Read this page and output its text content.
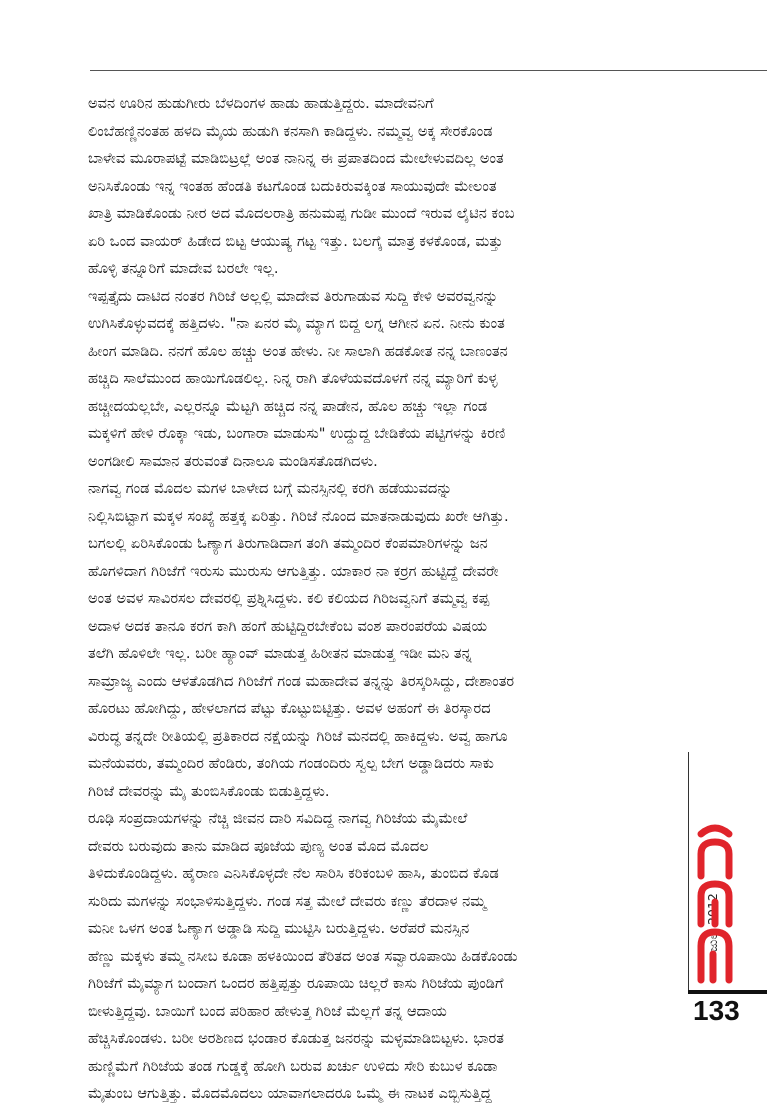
ಅವನ ಊರಿನ ಹುಡುಗೀರು ಬೆಳದಿಂಗಳ ಹಾಡು ಹಾಡುತ್ತಿದ್ದರು. ಮಾದೇವನಿಗೆ
ಲಿಂಬೆಹಣ್ಣಿನಂತಹ ಹಳದಿ ಮೈಯ ಹುಡುಗಿ ಕನಸಾಗಿ ಕಾಡಿದ್ದಳು. ನಮ್ಮವ್ವ ಅಕ್ಕ ಸೇರಕೊಂಡ
ಬಾಳೇವ ಮೂರಾಪಟ್ಟೆ ಮಾಡಿಬಿಟ್ರಲ್ಲೆ ಅಂತ ನಾನಿನ್ನ ಈ ಪ್ರಪಾತದಿಂದ ಮೇಲೇಳುವದಿಲ್ಲ ಅಂತ
ಅನಿಸಿಕೊಂಡು ಇನ್ನ ಇಂತಹ ಹೆಂಡತಿ ಕಟಗೊಂಡ ಬದುಕಿರುವಕ್ಕಿಂತ ಸಾಯುವುದೇ ಮೇಲಂತ
ಖಾತ್ರಿ ಮಾಡಿಕೊಂಡು ನೀರ ಅದ ಮೊದಲರಾತ್ರಿ ಹನುಮಪ್ಪ ಗುಡೀ ಮುಂದೆ ಇರುವ ಲೈಟಿನ ಕಂಬ
ಏರಿ ಒಂದ ವಾಯರ್ ಹಿಡೇದ ಬಿಟ್ಟ ಆಯುಷ್ಯ ಗಟ್ಟ ಇತ್ತು. ಬಲಗೈ ಮಾತ್ರ ಕಳಕೊಂಡ, ಮತ್ತು
ಹೊಳ್ಳಿ ತನ್ನೂರಿಗೆ ಮಾದೇವ ಬರಲೇ ಇಲ್ಲ.
ಇಪ್ಪತ್ತೈದು ದಾಟಿದ ನಂತರ ಗಿರಿಜೆ ಅಲ್ಲಲ್ಲಿ ಮಾದೇವ ತಿರುಗಾಡುವ ಸುದ್ದಿ ಕೇಳಿ ಅವರವ್ವನನ್ನು
ಉಗಿಸಿಕೊಳ್ಳುವದಕ್ಕೆ ಹತ್ತಿದಳು. "ನಾ ಏನರ ಮೈ ಮ್ಯಾಗ ಬಿದ್ದ ಲಗ್ನ ಆಗೀನ ಏನ. ನೀನು ಕುಂತ
ಹೀಂಗ ಮಾಡಿದಿ. ನನಗೆ ಹೊಲ ಹಚ್ಚು ಅಂತ ಹೇಳು. ನೀ ಸಾಲಾಗಿ ಹಡಕೋತ ನನ್ನ ಬಾಣಂತನ
ಹಚ್ಚಿದಿ ಸಾಲೆಮುಂದ ಹಾಯಿಗೊಡಲಿಲ್ಲ. ನಿನ್ನ ರಾಗಿ ತೊಳೆಯವದೊಳಗೆ ನನ್ನ ಮ್ಯಾರಿಗೆ ಕುಳ್ಳ
ಹಚ್ಚೀದಯಲ್ಲಬೇ, ಎಲ್ಲರನ್ನೂ ಮೆಟ್ಟಗಿ ಹಚ್ಚಿದ ನನ್ನ ಪಾಡೇನ, ಹೊಲ ಹಚ್ಚು ಇಲ್ಲಾ ಗಂಡ
ಮಕ್ಕಳಿಗೆ ಹೇಳಿ ರೊಕ್ಕಾ ಇಡು, ಬಂಗಾರಾ ಮಾಡುಸು" ಉದ್ದುದ್ದ ಬೇಡಿಕೆಯ ಪಟ್ಟಿಗಳನ್ನು ಕಿರಣಿ
ಅಂಗಡೀಲಿ ಸಾಮಾನ ತರುವಂತೆ ದಿನಾಲೂ ಮಂಡಿಸತೊಡಗಿದಳು.
ನಾಗವ್ವ ಗಂಡ ಮೊದಲ ಮಗಳ ಬಾಳೇದ ಬಗ್ಗೆ ಮನಸ್ಸಿನಲ್ಲಿ ಕರಗಿ ಹಡೆಯುವದನ್ನು
ನಿಲ್ಲಿಸಿಬಿಟ್ಟಾಗ ಮಕ್ಕಳ ಸಂಖ್ಯೆ ಹತ್ತಕ್ಕ ಏರಿತ್ತು. ಗಿರಿಜೆ ನೊಂದ ಮಾತನಾಡುವುದು ಖರೇ ಆಗಿತ್ತು.
ಬಗಲಲ್ಲಿ ಏರಿಸಿಕೊಂಡು ಓಣ್ಯಾಗ ತಿರುಗಾಡಿದಾಗ ತಂಗಿ ತಮ್ಮಂದಿರ ಕೆಂಪಮಾರಿಗಳನ್ನು ಜನ
ಹೊಗಳಿದಾಗ ಗಿರಿಜೆಗೆ ಇರುಸು ಮುರುಸು ಆಗುತ್ತಿತ್ತು. ಯಾಕಾರ ನಾ ಕರ್‍ರಗ ಹುಟ್ಟಿದ್ದೆ ದೇವರೇ
ಅಂತ ಅವಳ ಸಾವಿರಸಲ ದೇವರಲ್ಲಿ ಪ್ರಶ್ನಿಸಿದ್ದಳು. ಕಲಿ ಕಲಿಯದ ಗಿರಿಜವ್ವನಿಗೆ ತಮ್ಮವ್ವ ಕಪ್ಪ
ಅದಾಳ ಅದಕ ತಾನೂ ಕರಗ ಕಾಗಿ ಹಂಗೆ ಹುಟ್ಟಿದ್ದಿರಬೇಕೆಂಬ ವಂಶ ಪಾರಂಪರೆಯ ವಿಷಯ
ತಲೆಗಿ ಹೊಳಿಲೇ ಇಲ್ಲ. ಬರೀ ಹ್ಯಾಂವ್ ಮಾಡುತ್ತ ಹಿರೀತನ ಮಾಡುತ್ತ ಇಡೀ ಮನಿ ತನ್ನ
ಸಾಮ್ರಾಜ್ಯ ಎಂದು ಆಳತೊಡಗಿದ ಗಿರಿಜೆಗೆ ಗಂಡ ಮಹಾದೇವ ತನ್ನನ್ನು ತಿರಸ್ಕರಿಸಿದ್ದು, ದೇಶಾಂತರ
ಹೊರಟು ಹೋಗಿದ್ದು, ಹೇಳಲಾಗದ ಪೆಟ್ಟು ಕೊಟ್ಟುಬಿಟ್ಟಿತ್ತು. ಅವಳ ಅಹಂಗೆ ಈ ತಿರಸ್ಕಾರದ
ವಿರುದ್ಧ ತನ್ನದೇ ರೀತಿಯಲ್ಲಿ ಪ್ರತಿಕಾರದ ನಕ್ಷೆಯನ್ನು ಗಿರಿಜೆ ಮನದಲ್ಲಿ ಹಾಕಿದ್ದಳು. ಅವ್ವ ಹಾಗೂ
ಮನೆಯವರು, ತಮ್ಮಂದಿರ ಹೆಂಡಿರು, ತಂಗಿಯ ಗಂಡಂದಿರು ಸ್ವಲ್ಪ ಬೇಗ ಅಡ್ಡಾಡಿದರು ಸಾಕು
ಗಿರಿಜೆ ದೇವರನ್ನು ಮೈ ತುಂಬಿಸಿಕೊಂಡು ಬಿಡುತ್ತಿದ್ದಳು.
ರೂಢಿ ಸಂಪ್ರದಾಯಗಳನ್ನು ನೆಚ್ಚಿ ಜೀವನ ದಾರಿ ಸವಿದಿದ್ದ ನಾಗವ್ವ ಗಿರಿಜೆಯ ಮೈಮೇಲೆ
ದೇವರು ಬರುವುದು ತಾನು ಮಾಡಿದ ಪೂಜೆಯ ಪುಣ್ಯ ಅಂತ ಮೊದ ಮೊದಲ
ತಿಳಿದುಕೊಂಡಿದ್ದಳು. ಹೈರಾಣ ಎನಿಸಿಕೊಳ್ಳದೇ ನೆಲ ಸಾರಿಸಿ ಕರಿಕಂಬಳಿ ಹಾಸಿ, ತುಂಬಿದ ಕೊಡ
ಸುರಿದು ಮಗಳನ್ನು ಸಂಭಾಳಿಸುತ್ತಿದ್ದಳು. ಗಂಡ ಸತ್ತ ಮೇಲೆ ದೇವರು ಕಣ್ಣು ತೆರದಾಳ ನಮ್ಮ
ಮನೀ ಒಳಗ ಅಂತ ಓಣ್ಯಾಗ ಅಡ್ಡಾಡಿ ಸುದ್ದಿ ಮುಟ್ಟಿಸಿ ಬರುತ್ತಿದ್ದಳು. ಅರೆಪರೆ ಮನಸ್ಸಿನ
ಹೆಣ್ಣು ಮಕ್ಕಳು ತಮ್ಮ ನಸೀಬ ಕೂಡಾ ಹಳಕಿಯಿಂದ ತೆರಿತದ ಅಂತ ಸವ್ವಾರೂಪಾಯಿ ಹಿಡಕೊಂಡು
ಗಿರಿಜೆಗೆ ಮೈಮ್ಯಾಗ ಬಂದಾಗ ಒಂದರ ಹತ್ತಿಪ್ಪತ್ತು ರೂಪಾಯಿ ಚಿಲ್ಲರೆ ಕಾಸು ಗಿರಿಜೆಯ ಪುಂಡಿಗೆ
ಬೀಳುತ್ತಿದ್ದವು. ಬಾಯಿಗೆ ಬಂದ ಪರಿಹಾರ ಹೇಳುತ್ತ ಗಿರಿಜೆ ಮೆಲ್ಲಗೆ ತನ್ನ ಆದಾಯ
ಹೆಚ್ಚಿಸಿಕೊಂಡಳು. ಬರೀ ಅರಶಿಣದ ಭಂಡಾರ ಕೊಡುತ್ತ ಜನರನ್ನು ಮಳ್ಳಮಾಡಿಬಿಟ್ಟಳು. ಭಾರತ
ಹುಣ್ಣಿಮೆಗೆ ಗಿರಿಜೆಯ ತಂಡ ಗುಡ್ಡಕ್ಕೆ ಹೋಗಿ ಬರುವ ಖರ್ಚು ಉಳಿದು ಸೇರಿ ಕುಬುಳ ಕೂಡಾ
ಮೈತುಂಬ ಆಗುತ್ತಿತ್ತು. ಮೊದಮೊದಲು ಯಾವಾಗಲಾದರೂ ಒಮ್ಮೆ ಈ ನಾಟಕ ಎಬ್ಬಿಸುತ್ತಿದ್ದ
ಜುಲೈ 2012
133
